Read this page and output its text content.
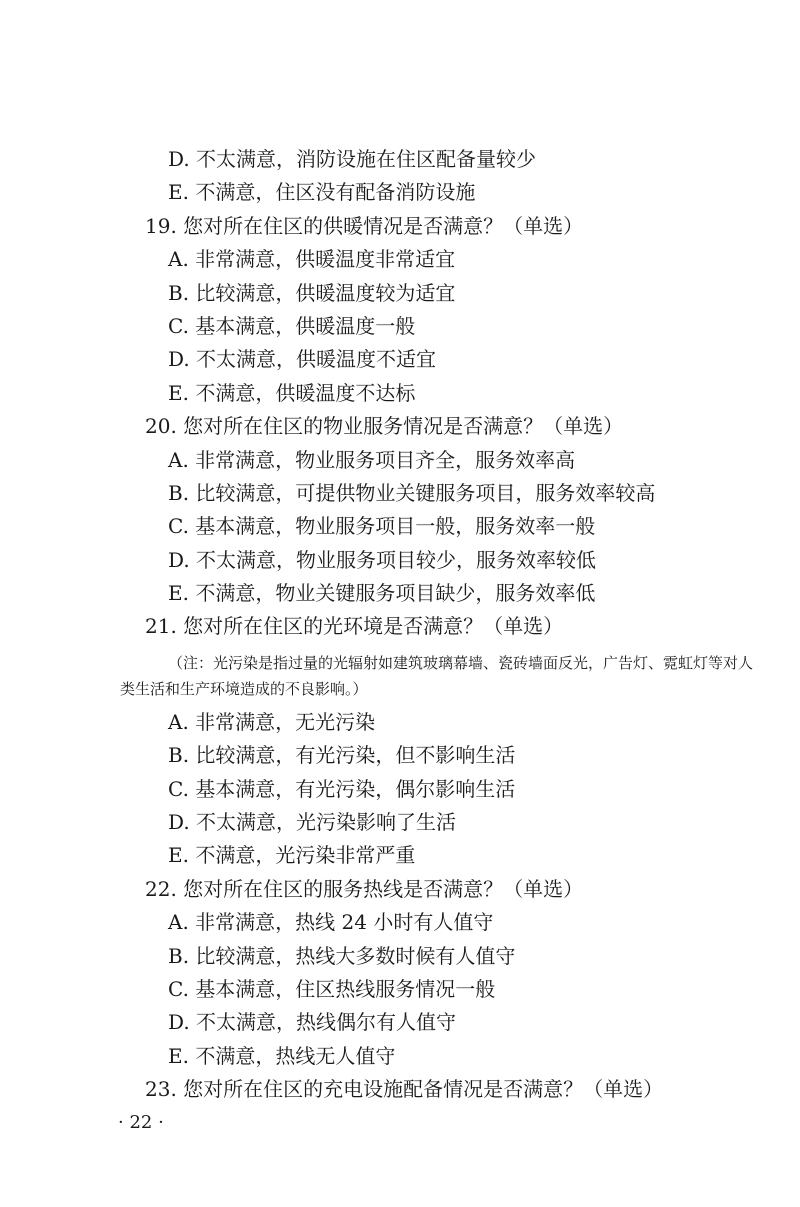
D. 不太满意，消防设施在住区配备量较少
E. 不满意，住区没有配备消防设施
19. 您对所在住区的供暖情况是否满意？（单选）
A. 非常满意，供暖温度非常适宜
B. 比较满意，供暖温度较为适宜
C. 基本满意，供暖温度一般
D. 不太满意，供暖温度不适宜
E. 不满意，供暖温度不达标
20. 您对所在住区的物业服务情况是否满意？（单选）
A. 非常满意，物业服务项目齐全，服务效率高
B. 比较满意，可提供物业关键服务项目，服务效率较高
C. 基本满意，物业服务项目一般，服务效率一般
D. 不太满意，物业服务项目较少，服务效率较低
E. 不满意，物业关键服务项目缺少，服务效率低
21. 您对所在住区的光环境是否满意？（单选）
（注：光污染是指过量的光辐射如建筑玻璃幕墙、瓷砖墙面反光，广告灯、霓虹灯等对人类生活和生产环境造成的不良影响。）
A. 非常满意，无光污染
B. 比较满意，有光污染，但不影响生活
C. 基本满意，有光污染，偶尔影响生活
D. 不太满意，光污染影响了生活
E. 不满意，光污染非常严重
22. 您对所在住区的服务热线是否满意？（单选）
A. 非常满意，热线 24 小时有人值守
B. 比较满意，热线大多数时候有人值守
C. 基本满意，住区热线服务情况一般
D. 不太满意，热线偶尔有人值守
E. 不满意，热线无人值守
23. 您对所在住区的充电设施配备情况是否满意？（单选）
· 22 ·
